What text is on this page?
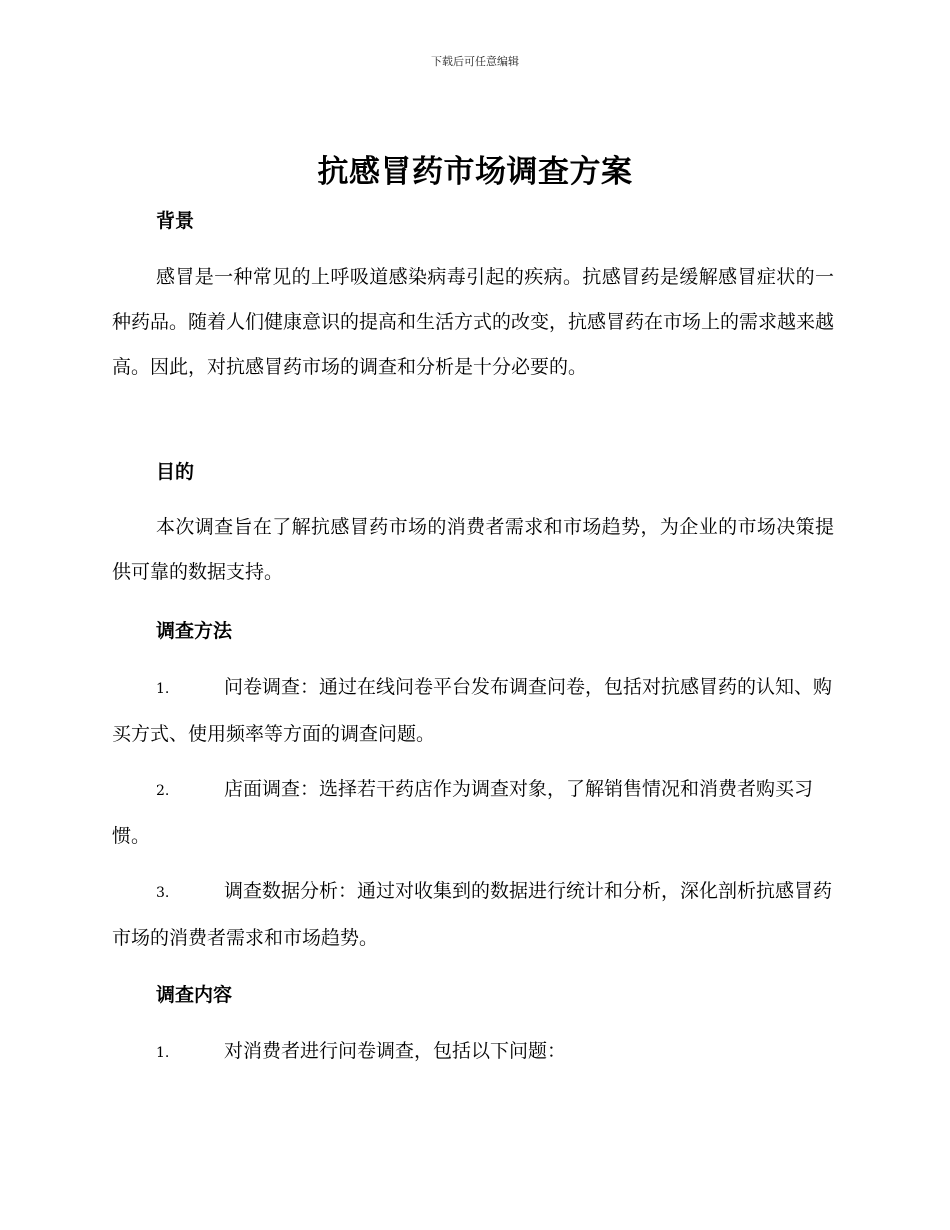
下载后可任意编辑
抗感冒药市场调查方案
背景
感冒是一种常见的上呼吸道感染病毒引起的疾病。抗感冒药是缓解感冒症状的一种药品。随着人们健康意识的提高和生活方式的改变，抗感冒药在市场上的需求越来越高。因此，对抗感冒药市场的调查和分析是十分必要的。
目的
本次调查旨在了解抗感冒药市场的消费者需求和市场趋势，为企业的市场决策提供可靠的数据支持。
调查方法
1.	问卷调查：通过在线问卷平台发布调查问卷，包括对抗感冒药的认知、购买方式、使用频率等方面的调查问题。
2.	店面调查：选择若干药店作为调查对象，了解销售情况和消费者购买习惯。
3.	调查数据分析：通过对收集到的数据进行统计和分析，深化剖析抗感冒药市场的消费者需求和市场趋势。
调查内容
1.	对消费者进行问卷调查，包括以下问题：
